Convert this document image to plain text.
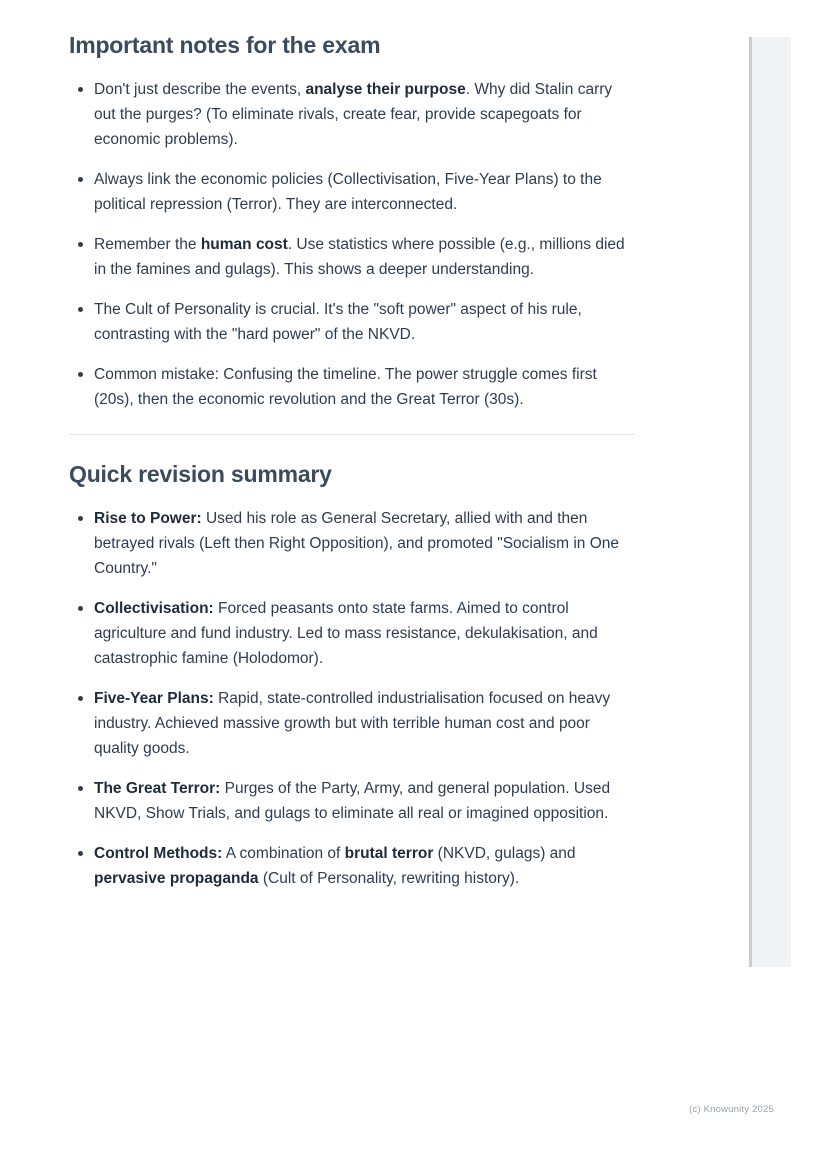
Important notes for the exam
Don't just describe the events, analyse their purpose. Why did Stalin carry out the purges? (To eliminate rivals, create fear, provide scapegoats for economic problems).
Always link the economic policies (Collectivisation, Five-Year Plans) to the political repression (Terror). They are interconnected.
Remember the human cost. Use statistics where possible (e.g., millions died in the famines and gulags). This shows a deeper understanding.
The Cult of Personality is crucial. It's the "soft power" aspect of his rule, contrasting with the "hard power" of the NKVD.
Common mistake: Confusing the timeline. The power struggle comes first (20s), then the economic revolution and the Great Terror (30s).
Quick revision summary
Rise to Power: Used his role as General Secretary, allied with and then betrayed rivals (Left then Right Opposition), and promoted "Socialism in One Country."
Collectivisation: Forced peasants onto state farms. Aimed to control agriculture and fund industry. Led to mass resistance, dekulakisation, and catastrophic famine (Holodomor).
Five-Year Plans: Rapid, state-controlled industrialisation focused on heavy industry. Achieved massive growth but with terrible human cost and poor quality goods.
The Great Terror: Purges of the Party, Army, and general population. Used NKVD, Show Trials, and gulags to eliminate all real or imagined opposition.
Control Methods: A combination of brutal terror (NKVD, gulags) and pervasive propaganda (Cult of Personality, rewriting history).
(c) Knowunity 2025
